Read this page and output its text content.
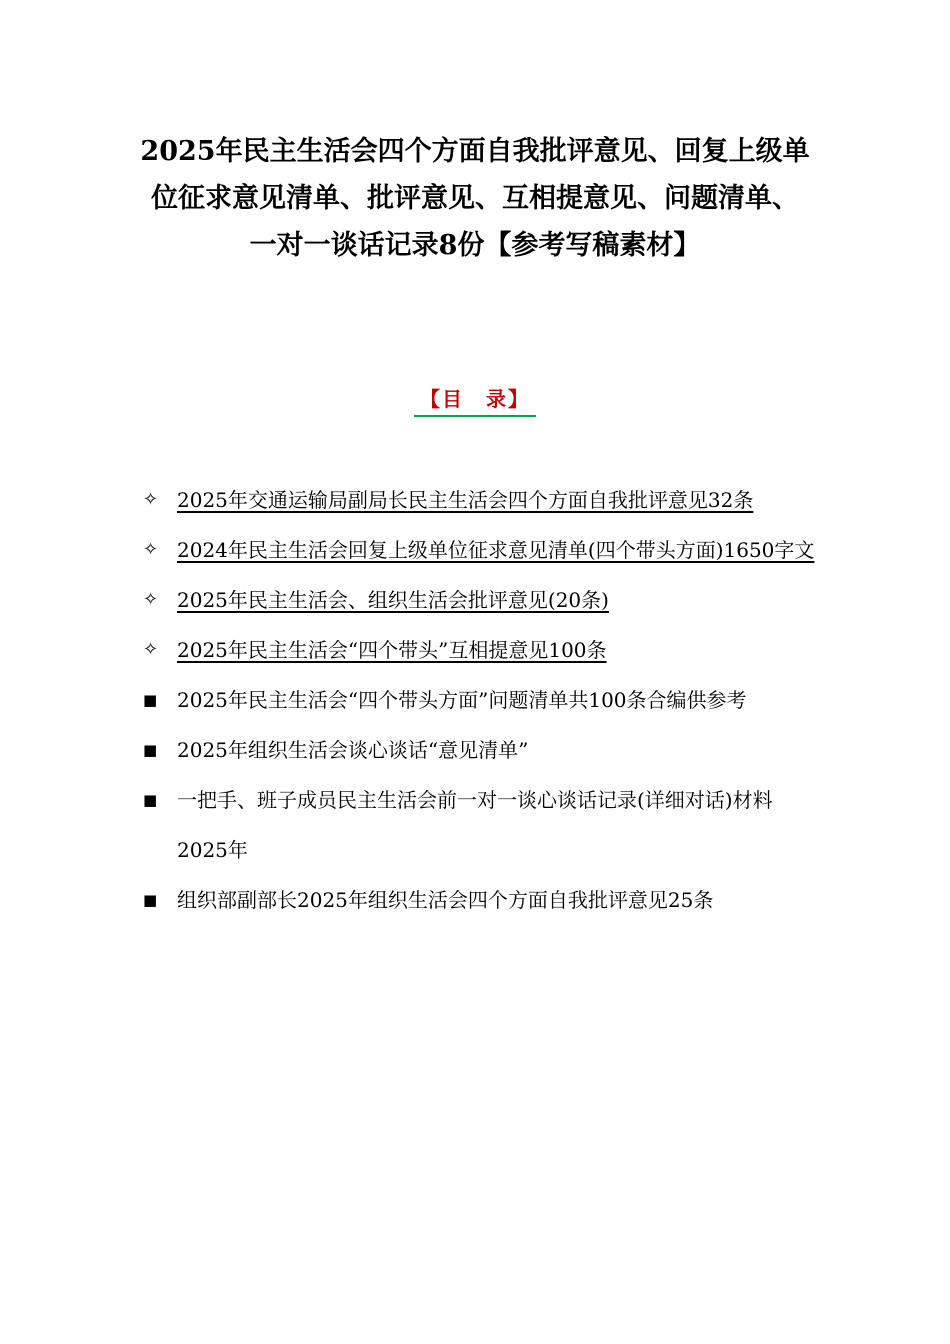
2025年民主生活会四个方面自我批评意见、回复上级单位征求意见清单、批评意见、互相提意见、问题清单、一对一谈话记录8份【参考写稿素材】
【目　录】
✧ 2025年交通运输局副局长民主生活会四个方面自我批评意见32条
✧ 2024年民主生活会回复上级单位征求意见清单(四个带头方面)1650字文
✧ 2025年民主生活会、组织生活会批评意见(20条)
✧ 2025年民主生活会“四个带头”互相提意见100条
■ 2025年民主生活会“四个带头方面”问题清单共100条合编供参考
■ 2025年组织生活会谈心谈话“意见清单”
■ 一把手、班子成员民主生活会前一对一谈心谈话记录(详细对话)材料2025年
■ 组织部副部长2025年组织生活会四个方面自我批评意见25条
